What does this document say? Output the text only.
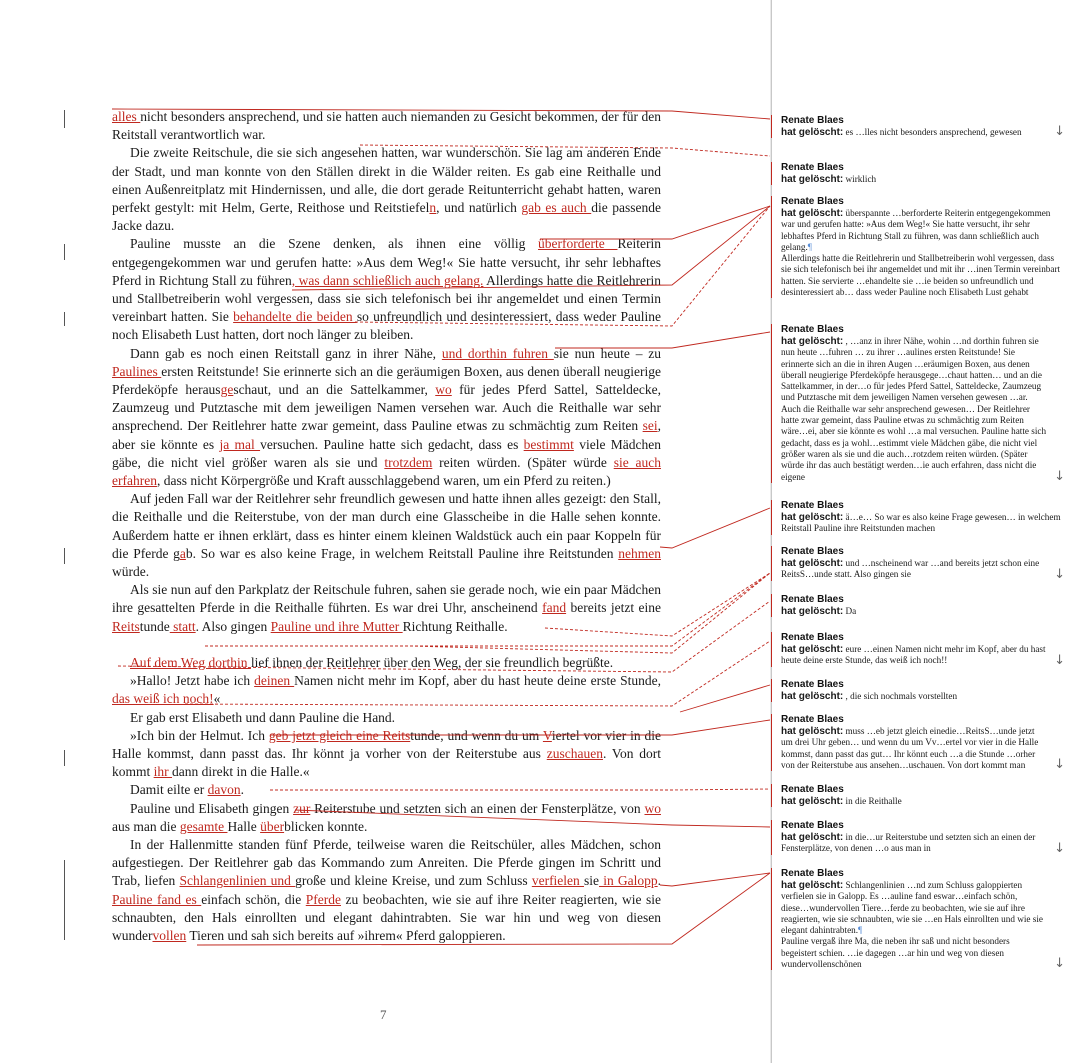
alles nicht besonders ansprechend, und sie hatten auch niemanden zu Gesicht bekommen, der für den Reitstall verantwortlich war.

Die zweite Reitschule, die sie sich angesehen hatten, war wunderschön. Sie lag am anderen Ende der Stadt, und man konnte von den Ställen direkt in die Wälder reiten. Es gab eine Reithalle und einen Außenreitplatz mit Hindernissen, und alle, die dort gerade Reitunterricht gehabt hatten, waren perfekt gestylt: mit Helm, Gerte, Reithose und Reitstiefeln, und natürlich gab es auch die passende Jacke dazu.

Pauline musste an die Szene denken, als ihnen eine völlig überforderte Reiterin entgegengekommen war und gerufen hatte: »Aus dem Weg!« Sie hatte versucht, ihr sehr lebhaftes Pferd in Richtung Stall zu führen, was dann schließlich auch gelang. Allerdings hatte die Reitlehrerin und Stallbetreiberin wohl vergessen, dass sie sich telefonisch bei ihr angemeldet und einen Termin vereinbart hatten. Sie behandelte die beiden so unfreundlich und desinteressiert, dass weder Pauline noch Elisabeth Lust hatten, dort noch länger zu bleiben.

Dann gab es noch einen Reitstall ganz in ihrer Nähe, und dorthin fuhren sie nun heute – zu Paulines ersten Reitstunde! Sie erinnerte sich an die geräumigen Boxen, aus denen überall neugierige Pferdeköpfe herausgeschaut, und an die Sattelkammer, wo für jedes Pferd Sattel, Satteldecke, Zaumzeug und Putztasche mit dem jeweiligen Namen versehen war. Auch die Reithalle war sehr ansprechend. Der Reitlehrer hatte zwar gemeint, dass Pauline etwas zu schmächtig zum Reiten sei, aber sie könnte es ja mal versuchen. Pauline hatte sich gedacht, dass es bestimmt viele Mädchen gäbe, die nicht viel größer waren als sie und trotzdem reiten würden. (Später würde sie auch erfahren, dass nicht Körpergröße und Kraft ausschlaggebend waren, um ein Pferd zu reiten.)

Auf jeden Fall war der Reitlehrer sehr freundlich gewesen und hatte ihnen alles gezeigt: den Stall, die Reithalle und die Reiterstube, von der man durch eine Glasscheibe in die Halle sehen konnte. Außerdem hatte er ihnen erklärt, dass es hinter einem kleinen Waldstück auch ein paar Koppeln für die Pferde gab. So war es also keine Frage, in welchem Reitstall Pauline ihre Reitstunden nehmen würde.

Als sie nun auf den Parkplatz der Reitschule fuhren, sahen sie gerade noch, wie ein paar Mädchen ihre gesattelten Pferde in die Reithalle führten. Es war drei Uhr, anscheinend fand bereits jetzt eine Reitstunde statt. Also gingen Pauline und ihre Mutter Richtung Reithalle.

Auf dem Weg dorthin lief ihnen der Reitlehrer über den Weg, der sie freundlich begrüßte.

»Hallo! Jetzt habe ich deinen Namen nicht mehr im Kopf, aber du hast heute deine erste Stunde, das weiß ich noch!«

Er gab erst Elisabeth und dann Pauline die Hand.

»Ich bin der Helmut. Ich geb jetzt gleich eine Reitstunde, und wenn du um Viertel vor vier in die Halle kommst, dann passt das. Ihr könnt ja vorher von der Reiterstube aus zuschauen. Von dort kommt ihr dann direkt in die Halle.«

Damit eilte er davon.

Pauline und Elisabeth gingen zur Reiterstube und setzten sich an einen der Fensterplätze, von wo aus man die gesamte Halle überblicken konnte.

In der Hallenmitte standen fünf Pferde, teilweise waren die Reitschüler, alles Mädchen, schon aufgestiegen. Der Reitlehrer gab das Kommando zum Anreiten. Die Pferde gingen im Schritt und Trab, liefen Schlangenlinien und große und kleine Kreise, und zum Schluss verfielen sie in Galopp. Pauline fand es einfach schön, die Pferde zu beobachten, wie sie auf ihre Reiter reagierten, wie sie schnaubten, den Hals einrollten und elegant dahintrabten. Sie war hin und weg von diesen wundervollen Tieren und sah sich bereits auf »ihrem« Pferd galoppieren.

7
Renate Blaes
hat gelöscht: es …lles nicht besonders ansprechend, gewesen	↓
Renate Blaes
hat gelöscht: wirklich
Renate Blaes
hat gelöscht: überspannte …berforderte Reiterin entgegengekommen war und gerufen hatte: »Aus dem Weg!« Sie hatte versucht, ihr sehr lebhaftes Pferd in Richtung Stall zu führen, was dann schließlich auch gelang.¶
Allerdings hatte die Reitlehrerin und Stallbetreiberin wohl vergessen, dass sie sich telefonisch bei ihr angemeldet und mit ihr …inen Termin vereinbart hatten. Sie servierte …ehandelte sie …ie beiden so unfreundlich und desinteressiert ab… dass weder Pauline noch Elisabeth Lust gehabt
Renate Blaes
hat gelöscht: , …anz in ihrer Nähe, wohin …nd dorthin fuhren sie nun heute …fuhren … zu ihrer …aulines ersten Reitstunde! Sie erinnerte sich an die in ihren Augen …eräumigen Boxen, aus denen überall neugierige Pferdeköpfe herausgege…chaut hatten… und an die Sattelkammer, in der…o für jedes Pferd Sattel, Satteldecke, Zaumzeug und Putztasche mit dem jeweiligen Namen versehen gewesen …ar. Auch die Reithalle war sehr ansprechend gewesen… Der Reitlehrer hatte zwar gemeint, dass Pauline etwas zu schmächtig zum Reiten wäre…ei, aber sie könnte es wohl …a mal versuchen. Pauline hatte sich gedacht, dass es ja wohl…estimmt viele Mädchen gäbe, die nicht viel größer waren als sie und die auch…rotzdem reiten würden. (Später würde ihr das auch bestätigt werden…ie auch erfahren, dass nicht die eigene	↓
Renate Blaes
hat gelöscht: ä…e… So war es also keine Frage gewesen… in welchem Reitstall Pauline ihre Reitstunden machen
Renate Blaes
hat gelöscht: und …nscheinend war …and bereits jetzt schon eine ReitsS…unde statt. Also gingen sie	↓
Renate Blaes
hat gelöscht: Da
Renate Blaes
hat gelöscht: eure …einen Namen nicht mehr im Kopf, aber du hast heute deine erste Stunde, das weiß ich noch!!	↓
Renate Blaes
hat gelöscht: , die sich nochmals vorstellten
Renate Blaes
hat gelöscht: muss …eb jetzt gleich einedie…ReitsS…unde jetzt um drei Uhr geben… und wenn du um Vv…ertel vor vier in die Halle kommst, dann passt das gut… Ihr könnt euch …a die Stunde …orher von der Reiterstube aus ansehen…uschauen. Von dort kommt man	↓
Renate Blaes
hat gelöscht: in die Reithalle
Renate Blaes
hat gelöscht: in die…ur Reiterstube und setzten sich an einen der Fensterplätze, von denen …o aus man in	↓
Renate Blaes
hat gelöscht: Schlangenlinien …nd zum Schluss galoppierten verfielen sie in Galopp. Es …auline fand eswar…einfach schön, diese…wundervollen Tiere…ferde zu beobachten, wie sie auf ihre reagierten, wie sie schnaubten, wie sie …en Hals einrollten und wie sie elegant dahintrabten.¶
Pauline vergaß ihre Ma, die neben ihr saß und nicht besonders begeistert schien. …ie dagegen …ar hin und weg von diesen wundervollenschönen	↓
